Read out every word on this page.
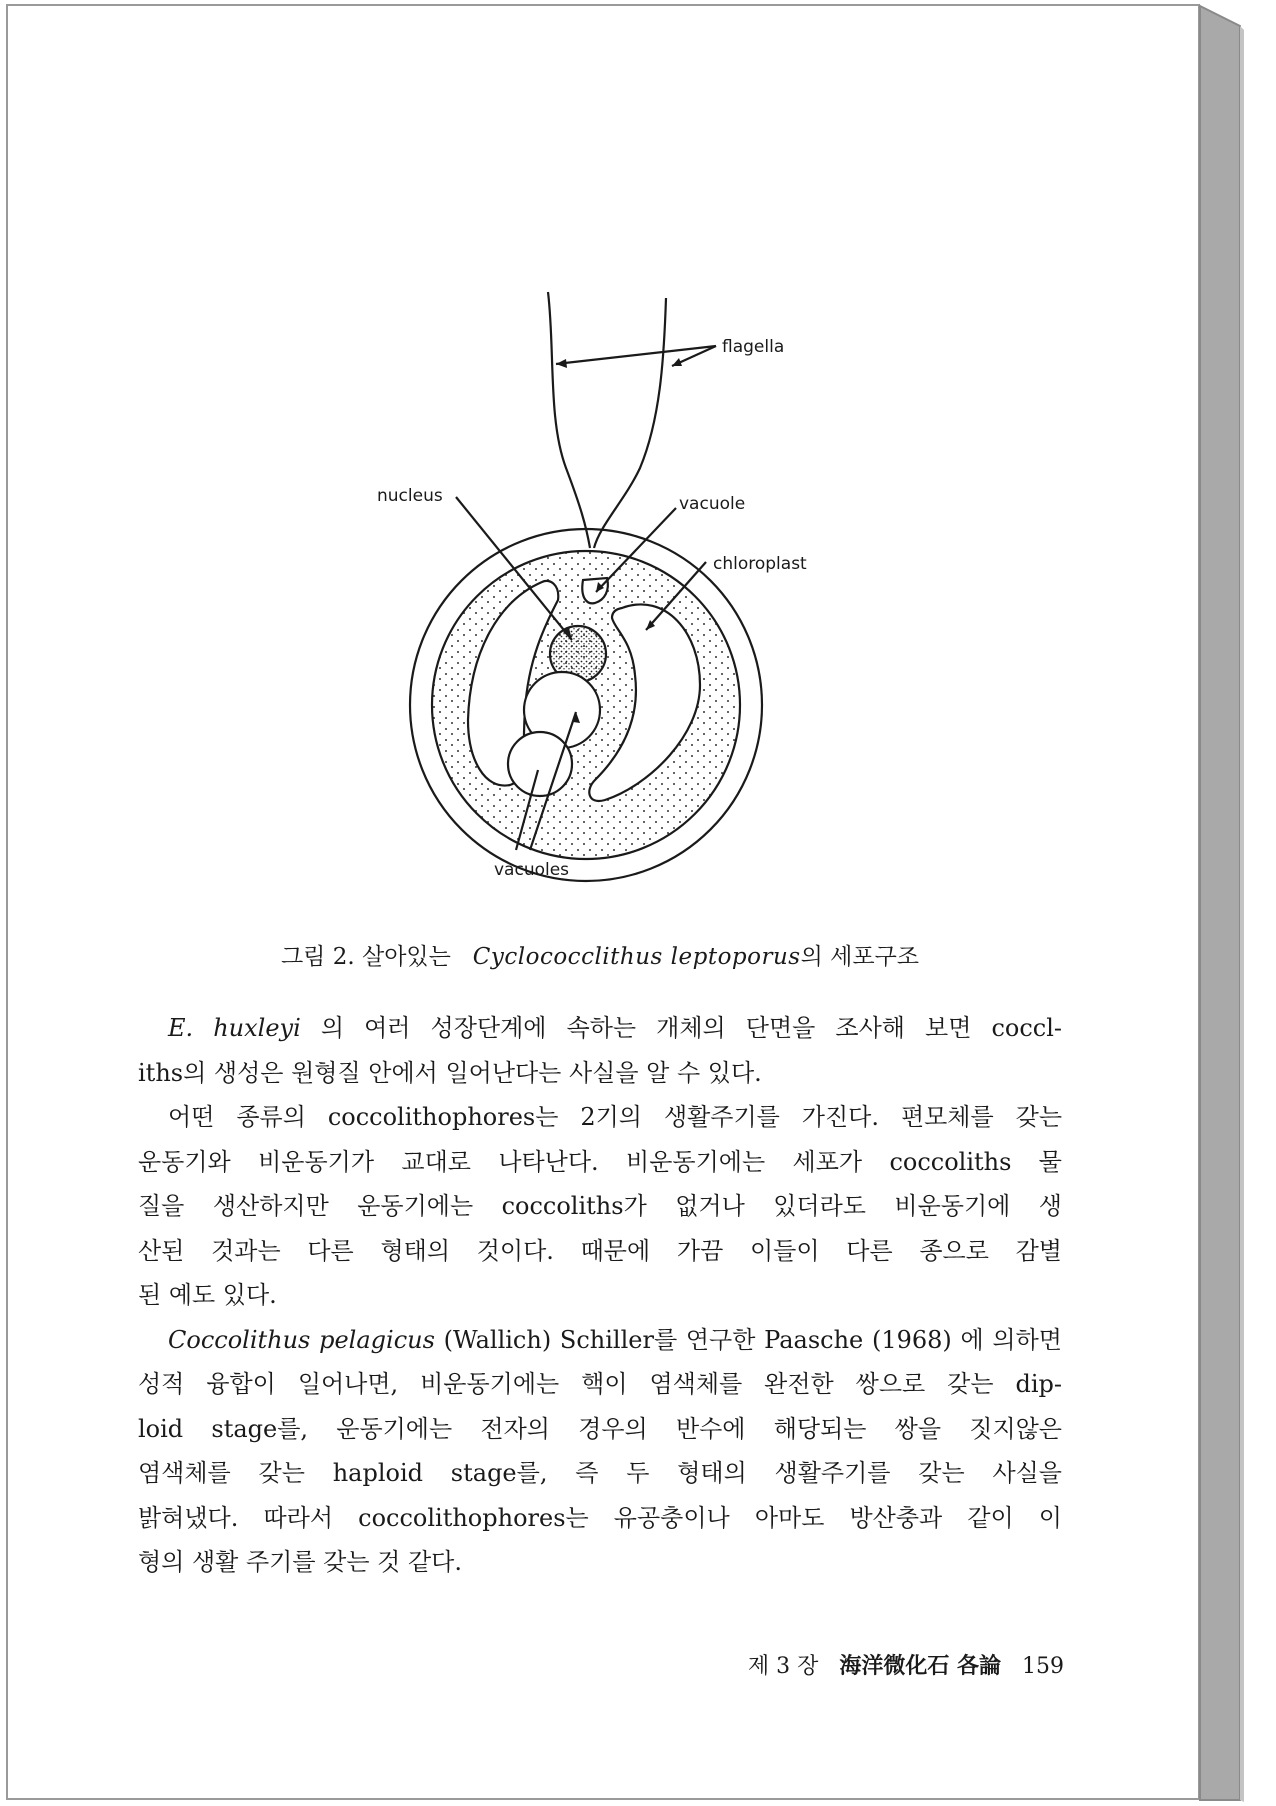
flagella
nucleus	vacuole
chloroplast
vacuoles
그림 2. 살아있는 Cyclococclithus leptoporus의 세포구조
E. huxleyi 의 여러 성장단계에 속하는 개체의 단면을 조사해 보면 coccl-
iths의 생성은 원형질 안에서 일어난다는 사실을 알 수 있다.
어떤 종류의 coccolithophores는 2기의 생활주기를 가진다. 편모체를 갖는
운동기와 비운동기가 교대로 나타난다. 비운동기에는 세포가 coccoliths 물
질을 생산하지만 운동기에는 coccoliths가 없거나 있더라도 비운동기에 생
산된 것과는 다른 형태의 것이다. 때문에 가끔 이들이 다른 종으로 감별
된 예도 있다.
Coccolithus pelagicus (Wallich) Schiller를 연구한 Paasche (1968) 에 의하면
성적 융합이 일어나면, 비운동기에는 핵이 염색체를 완전한 쌍으로 갖는 dip-
loid stage를, 운동기에는 전자의 경우의 반수에 해당되는 쌍을 짓지않은
염색체를 갖는 haploid stage를, 즉 두 형태의 생활주기를 갖는 사실을
밝혀냈다. 따라서 coccolithophores는 유공충이나 아마도 방산충과 같이 이
형의 생활 주기를 갖는 것 같다.
제 3 장 海洋微化石 各論 159
